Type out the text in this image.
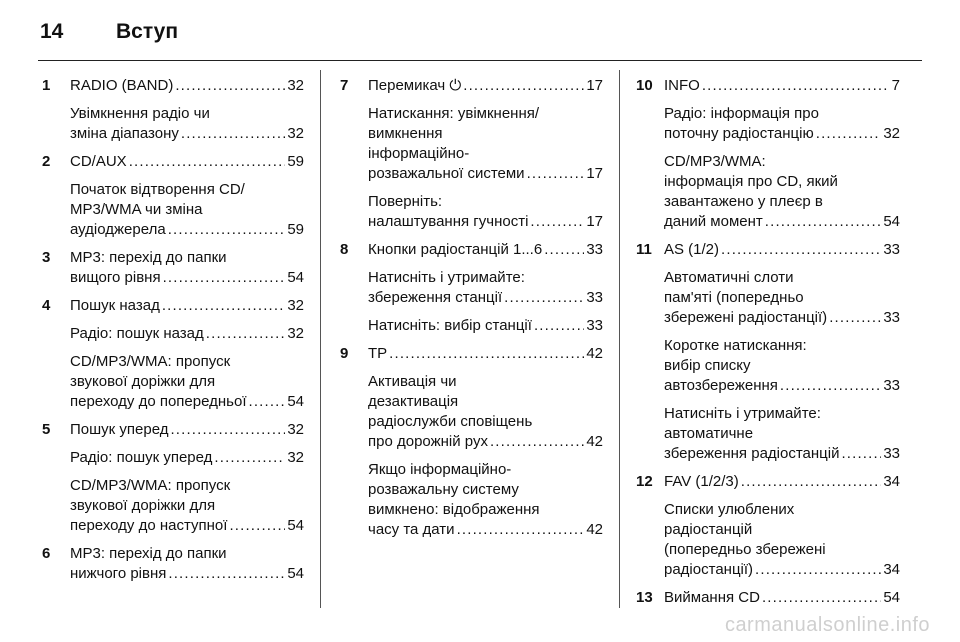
14	Вступ
1 RADIO (BAND) . . .	32
Увімкнення радіо чи
зміна діапазону . . .	32
2 CD/AUX . . .	59
Початок відтворення CD/
MP3/WMA чи зміна
аудіоджерела . . .	59
3 MP3: перехід до папки
вищого рівня . . .	54
4 Пошук назад . . .	32
Радіо: пошук назад . . .	32
CD/MP3/WMA: пропуск
звукової доріжки для
переходу до попередньої . . .	54
5 Пошук уперед . . .	32
Радіо: пошук уперед . . .	32
CD/MP3/WMA: пропуск
звукової доріжки для
переходу до наступної . . .	54
6 MP3: перехід до папки
нижчого рівня . . .	54
7 Перемикач ⏻ . . .	17
Натискання: увімкнення/
вимкнення
інформаційно-
розважальної системи . . .	17
Поверніть:
налаштування гучності . . .	17
8 Кнопки радіостанцій 1...6 . . .	33
Натисніть і утримайте:
збереження станції . . .	33
Натисніть: вибір станції . . .	33
9 TP . . .	42
Активація чи
дезактивація
радіослужби сповіщень
про дорожній рух . . .	42
Якщо інформаційно-
розважальну систему
вимкнено: відображення
часу та дати . . .	42
10 INFO . . .	7
Радіо: інформація про
поточну радіостанцію . . .	32
CD/MP3/WMA:
інформація про CD, який
завантажено у плеєр в
даний момент . . .	54
11 AS (1/2) . . .	33
Автоматичні слоти
пам'яті (попередньо
збережені радіостанції) . . .	33
Коротке натискання:
вибір списку
автозбереження . . .	33
Натисніть і утримайте:
автоматичне
збереження радіостанцій . . .	33
12 FAV (1/2/3) . . .	34
Списки улюблених
радіостанцій
(попередньо збережені
радіостанції) . . .	34
13 Виймання CD . . .	54
carmanualsonline.info
